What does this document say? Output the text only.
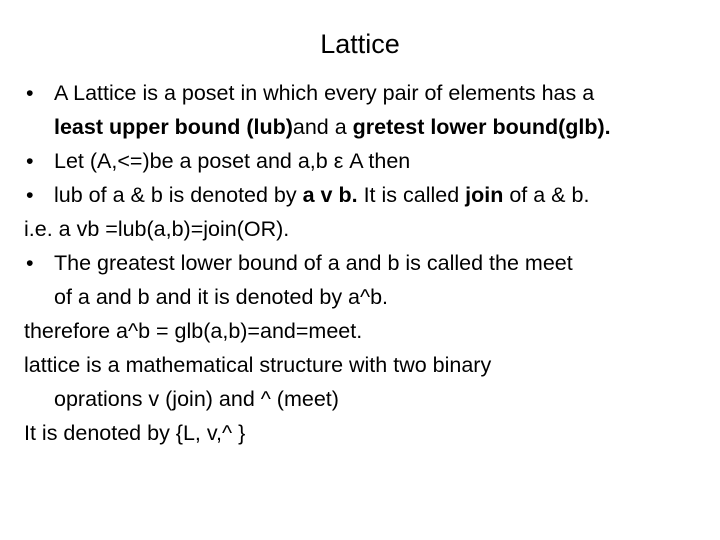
Lattice
• A Lattice is a poset in which every pair of elements has a
least upper bound (lub)and a gretest lower bound(glb).
• Let (A,<=)be a poset and a,b ε A then
• lub of a & b is denoted by a v b. It is called join of a & b.
i.e. a vb =lub(a,b)=join(OR).
• The greatest lower bound of a and b is called the meet
of a and b and it is denoted by a^b.
therefore a^b = glb(a,b)=and=meet.
lattice is a mathematical structure with two binary
oprations v (join) and ^ (meet)
It is denoted by {L, v,^ }
